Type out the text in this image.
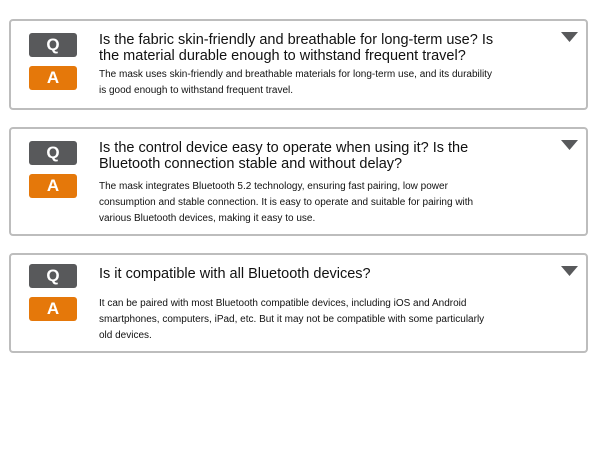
Q
A

Is the fabric skin-friendly and breathable for long-term use? Is the material durable enough to withstand frequent travel?

The mask uses skin-friendly and breathable materials for long-term use, and its durability is good enough to withstand frequent travel.

Q
A

Is the control device easy to operate when using it? Is the Bluetooth connection stable and without delay?

The mask integrates Bluetooth 5.2 technology, ensuring fast pairing, low power consumption and stable connection. It is easy to operate and suitable for pairing with various Bluetooth devices, making it easy to use.

Q
A

Is it compatible with all Bluetooth devices?

It can be paired with most Bluetooth compatible devices, including iOS and Android smartphones, computers, iPad, etc. But it may not be compatible with some particularly old devices.
